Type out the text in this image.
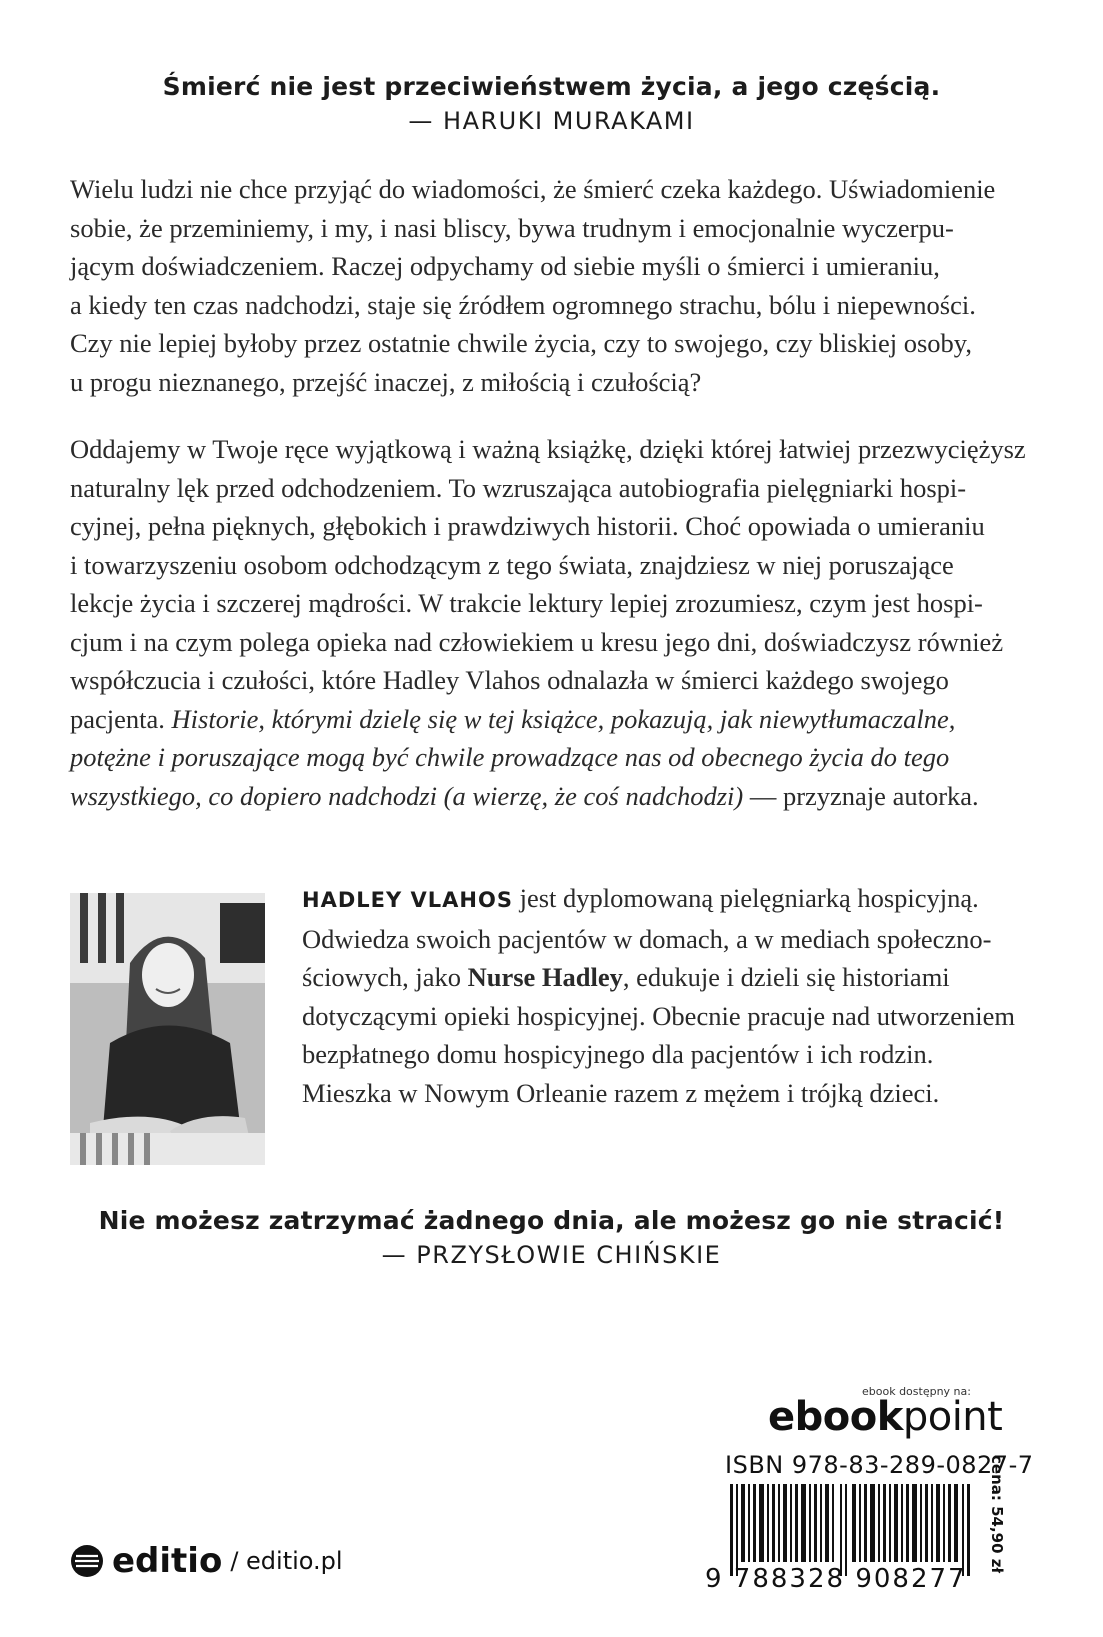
Śmierć nie jest przeciwieństwem życia, a jego częścią.
— HARUKI MURAKAMI

Wielu ludzi nie chce przyjąć do wiadomości, że śmierć czeka każdego. Uświadomienie
sobie, że przeminiemy, i my, i nasi bliscy, bywa trudnym i emocjonalnie wyczerpu-
jącym doświadczeniem. Raczej odpychamy od siebie myśli o śmierci i umieraniu,
a kiedy ten czas nadchodzi, staje się źródłem ogromnego strachu, bólu i niepewności.
Czy nie lepiej byłoby przez ostatnie chwile życia, czy to swojego, czy bliskiej osoby,
u progu nieznanego, przejść inaczej, z miłością i czułością?

Oddajemy w Twoje ręce wyjątkową i ważną książkę, dzięki której łatwiej przezwyciężysz
naturalny lęk przed odchodzeniem. To wzruszająca autobiografia pielęgniarki hospi-
cyjnej, pełna pięknych, głębokich i prawdziwych historii. Choć opowiada o umieraniu
i towarzyszeniu osobom odchodzącym z tego świata, znajdziesz w niej poruszające
lekcje życia i szczerej mądrości. W trakcie lektury lepiej zrozumiesz, czym jest hospi-
cjum i na czym polega opieka nad człowiekiem u kresu jego dni, doświadczysz również
współczucia i czułości, które Hadley Vlahos odnalazła w śmierci każdego swojego
pacjenta. Historie, którymi dzielę się w tej książce, pokazują, jak niewytłumaczalne,
potężne i poruszające mogą być chwile prowadzące nas od obecnego życia do tego
wszystkiego, co dopiero nadchodzi (a wierzę, że coś nadchodzi) — przyznaje autorka.

HADLEY VLAHOS jest dyplomowaną pielęgniarką hospicyjną.
Odwiedza swoich pacjentów w domach, a w mediach społeczno-
ściowych, jako Nurse Hadley, edukuje i dzieli się historiami
dotyczącymi opieki hospicyjnej. Obecnie pracuje nad utworzeniem
bezpłatnego domu hospicyjnego dla pacjentów i ich rodzin.
Mieszka w Nowym Orleanie razem z mężem i trójką dzieci.

Nie możesz zatrzymać żadnego dnia, ale możesz go nie stracić!
— PRZYSŁOWIE CHIŃSKIE
ebook dostępny na:
ebookpoint
ISBN 978-83-289-0827-7
9 788328 908277
cena: 54,90 zł
editio / editio.pl
